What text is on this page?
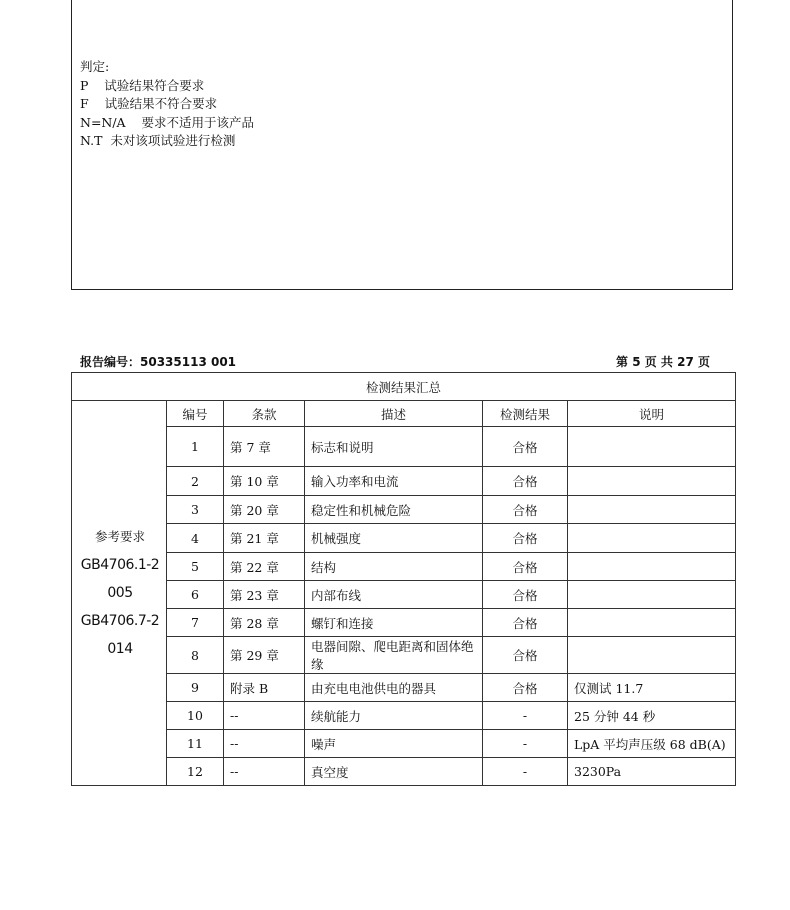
判定:
P    试验结果符合要求
F    试验结果不符合要求
N=N/A    要求不适用于该产品
N.T  未对该项试验进行检测
报告编号：50335113 001	第 5 页 共 27 页
检测结果汇总					

参考要求
GB4706.1-2005
GB4706.7-2014	编号	条款	描述	检测结果	说明
	1	第 7 章	标志和说明	合格	
	2	第 10 章	输入功率和电流	合格	
	3	第 20 章	稳定性和机械危险	合格	
	4	第 21 章	机械强度	合格	
	5	第 22 章	结构	合格	
	6	第 23 章	内部布线	合格	
	7	第 28 章	螺钉和连接	合格	
	8	第 29 章	电器间隙、爬电距离和固体绝缘	合格	
	9	附录 B	由充电电池供电的器具	合格	仅测试 11.7
	10	--	续航能力	-	25 分钟 44 秒
	11	--	噪声	-	LpA 平均声压级 68 dB(A)
	12	--	真空度	-	3230Pa
